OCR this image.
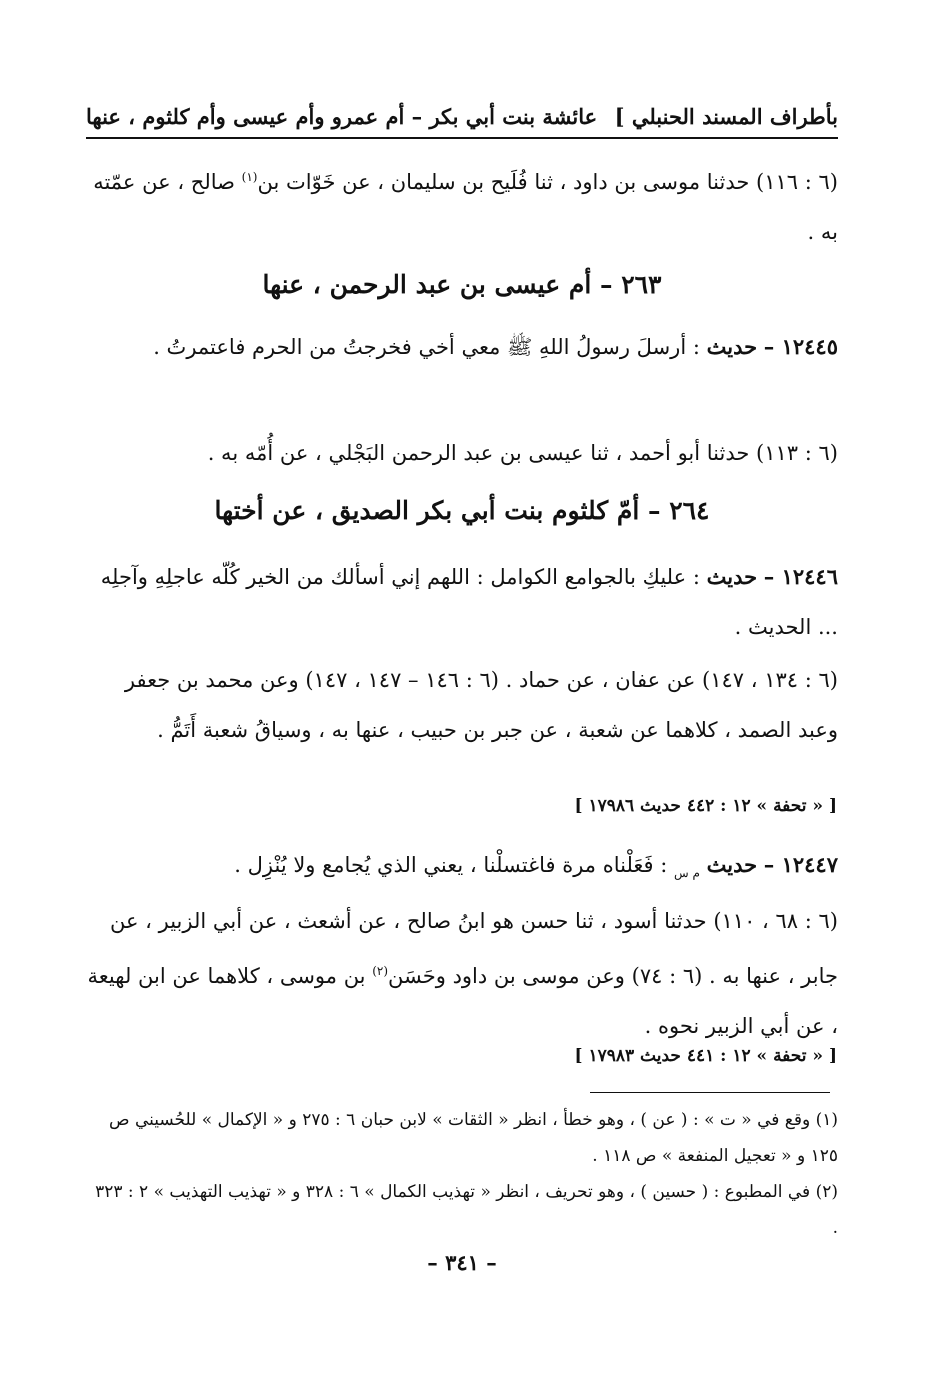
عائشة بنت أبي بكر – أم عمرو وأم عيسى وأم كلثوم ، عنها بأطراف المسند الحنبلي ]
(٦ : ١١٦) حدثنا موسى بن داود ، ثنا فُلَيح بن سليمان ، عن خَوّات بن$^{(١)}$ صالح ، عن عمّته به .
٢٦٣ – أم عيسى بن عبد الرحمن ، عنها
١٢٤٤٥ – حديث : أرسلَ رسولُ اللهِ ﷺ معي أخي فخرجتُ من الحرم فاعتمرتُ .
(٦ : ١١٣) حدثنا أبو أحمد ، ثنا عيسى بن عبد الرحمن البَجْلي ، عن أُمّه به .
٢٦٤ – أمّ كلثوم بنت أبي بكر الصديق ، عن أختها
١٢٤٤٦ – حديث : عليكِ بالجوامع الكوامل : اللهم إني أسألك من الخير كُلّه عاجلِهِ وآجلِه ... الحديث .
(٦ : ١٣٤ ، ١٤٧) عن عفان ، عن حماد . (٦ : ١٤٦ – ١٤٧ ، ١٤٧) وعن محمد بن جعفر وعبد الصمد ، كلاهما عن شعبة ، عن جبر بن حبيب ، عنها به ، وسياقُ شعبة أَتَمُّ .
[ « تحفة » ١٢ : ٤٤٢ حديث ١٧٩٨٦ ]
١٢٤٤٧ – حديث $_{م س}$ : فَعَلْناه مرة فاغتسلْنا ، يعني الذي يُجامع ولا يُنْزِل .
(٦ : ٦٨ ، ١١٠) حدثنا أسود ، ثنا حسن هو ابنُ صالح ، عن أشعث ، عن أبي الزبير ، عن جابر ، عنها به . (٦ : ٧٤) وعن موسى بن داود وحَسَن$^{(٢)}$ بن موسى ، كلاهما عن ابن لهيعة ، عن أبي الزبير نحوه .
[ « تحفة » ١٢ : ٤٤١ حديث ١٧٩٨٣ ]
(١) وقع في « ت » : ( عن ) ، وهو خطأ ، انظر « الثقات » لابن حبان ٦ : ٢٧٥ و « الإكمال » للحُسيني ص ١٢٥ و « تعجيل المنفعة » ص ١١٨ .
(٢) في المطبوع : ( حسين ) ، وهو تحريف ، انظر « تهذيب الكمال » ٦ : ٣٢٨ و « تهذيب التهذيب » ٢ : ٣٢٣ .
– ٣٤١ –
